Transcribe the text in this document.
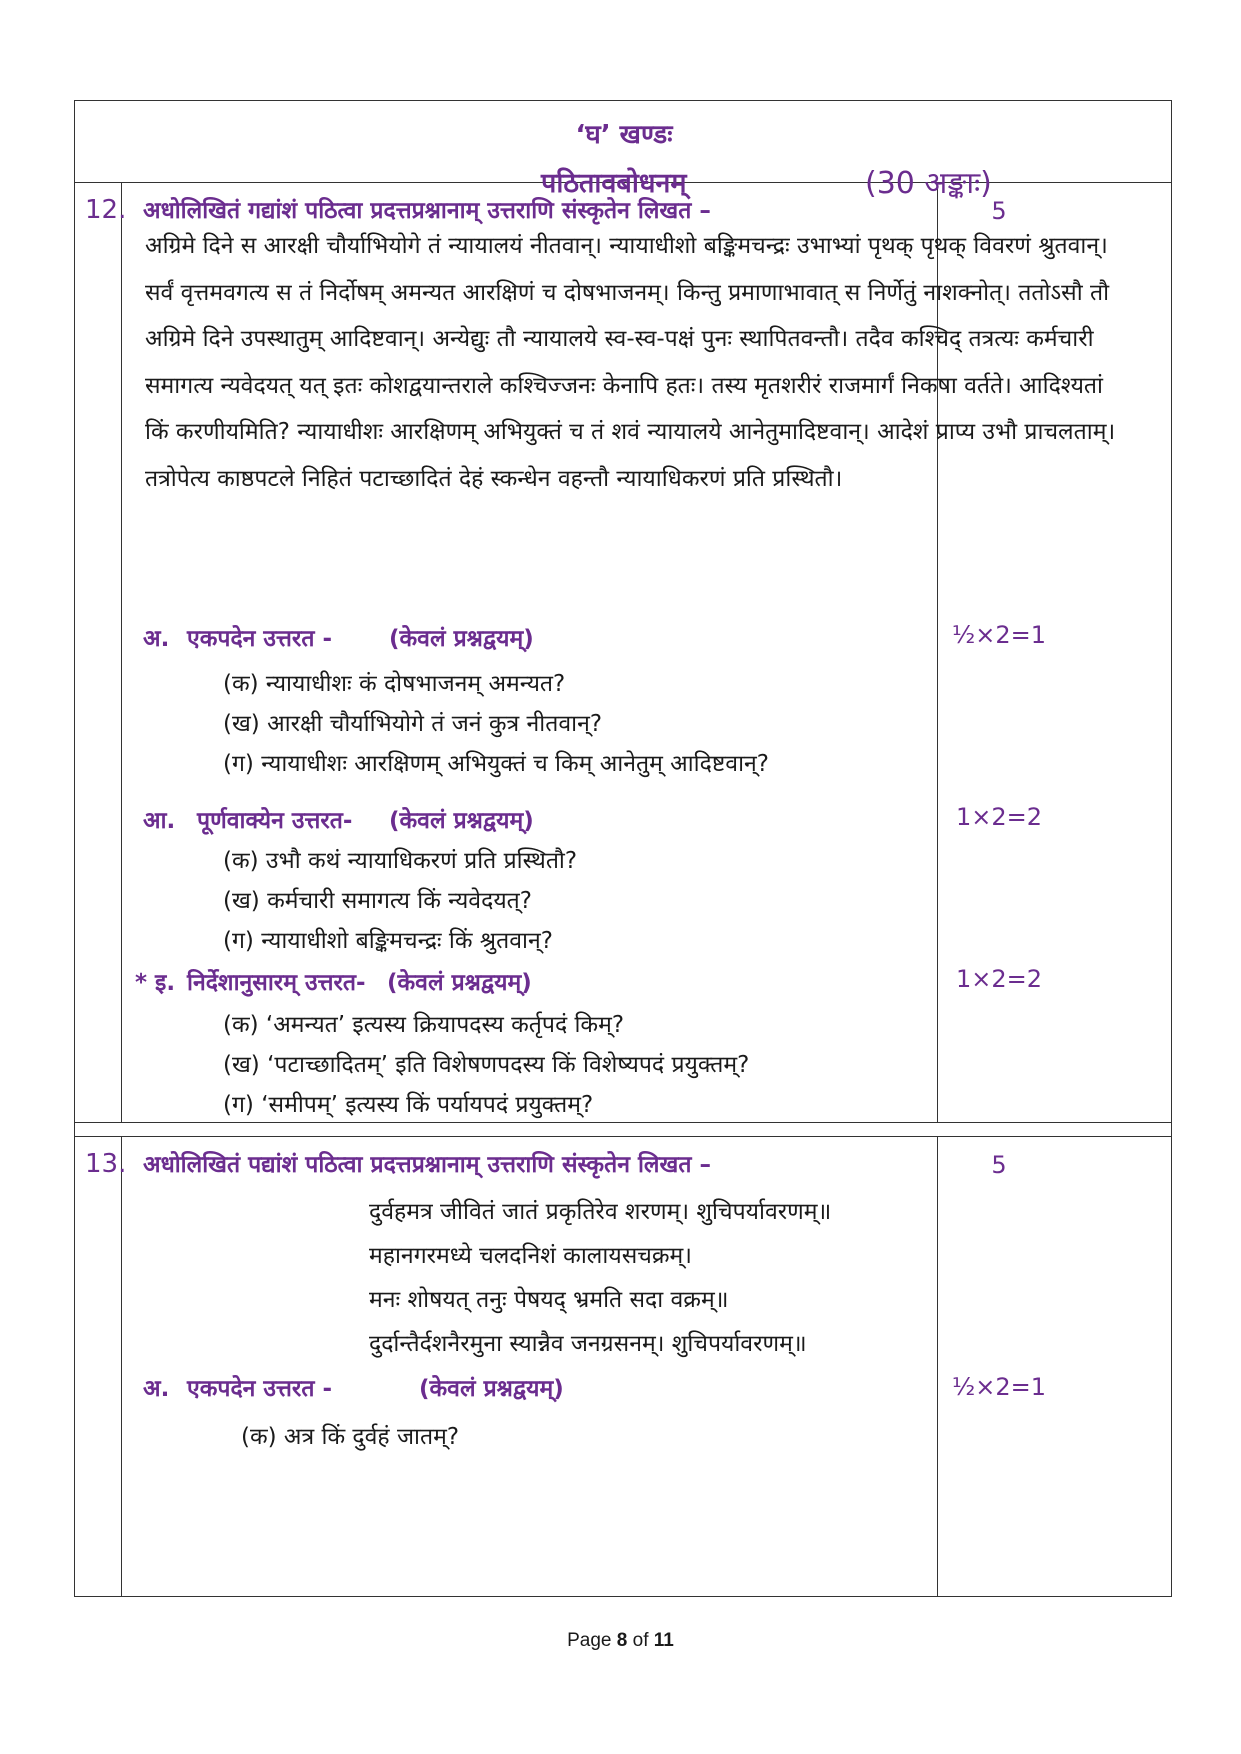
‘घ’ खण्डः
पठितावबोधनम्	(30 अङ्काः)
12. अधोलिखितं गद्यांशं पठित्वा प्रदत्तप्रश्नानाम् उत्तराणि संस्कृतेन लिखत –	5
अग्रिमे दिने स आरक्षी चौर्याभियोगे तं न्यायालयं नीतवान्। न्यायाधीशो बङ्किमचन्द्रः उभाभ्यां पृथक् पृथक् विवरणं श्रुतवान्। सर्वं वृत्तमवगत्य स तं निर्दोषम् अमन्यत आरक्षिणं च दोषभाजनम्। किन्तु प्रमाणाभावात् स निर्णेतुं नाशक्नोत्। ततोऽसौ तौ अग्रिमे दिने उपस्थातुम् आदिष्टवान्। अन्येद्युः तौ न्यायालये स्व-स्व-पक्षं पुनः स्थापितवन्तौ। तदैव कश्चिद् तत्रत्यः कर्मचारी समागत्य न्यवेदयत् यत् इतः कोशद्वयान्तराले कश्चिज्जनः केनापि हतः। तस्य मृतशरीरं राजमार्गं निकषा वर्तते। आदिश्यतां किं करणीयमिति? न्यायाधीशः आरक्षिणम् अभियुक्तं च तं शवं न्यायालये आनेतुमादिष्टवान्। आदेशं प्राप्य उभौ प्राचलताम्। तत्रोपेत्य काष्ठपटले निहितं पटाच्छादितं देहं स्कन्धेन वहन्तौ न्यायाधिकरणं प्रति प्रस्थितौ।
अ. एकपदेन उत्तरत - (केवलं प्रश्नद्वयम्)	½×2=1
(क) न्यायाधीशः कं दोषभाजनम् अमन्यत?
(ख) आरक्षी चौर्याभियोगे तं जनं कुत्र नीतवान्?
(ग) न्यायाधीशः आरक्षिणम् अभियुक्तं च किम् आनेतुम् आदिष्टवान्?
आ. पूर्णवाक्येन उत्तरत- (केवलं प्रश्नद्वयम्)	1×2=2
(क) उभौ कथं न्यायाधिकरणं प्रति प्रस्थितौ?
(ख) कर्मचारी समागत्य किं न्यवेदयत्?
(ग) न्यायाधीशो बङ्किमचन्द्रः किं श्रुतवान्?
* इ. निर्देशानुसारम् उत्तरत- (केवलं प्रश्नद्वयम्)	1×2=2
(क) ‘अमन्यत’ इत्यस्य क्रियापदस्य कर्तृपदं किम्?
(ख) ‘पटाच्छादितम्’ इति विशेषणपदस्य किं विशेष्यपदं प्रयुक्तम्?
(ग) ‘समीपम्’ इत्यस्य किं पर्यायपदं प्रयुक्तम्?
13. अधोलिखितं पद्यांशं पठित्वा प्रदत्तप्रश्नानाम् उत्तराणि संस्कृतेन लिखत –	5
दुर्वहमत्र जीवितं जातं प्रकृतिरेव शरणम्। शुचिपर्यावरणम्॥
महानगरमध्ये चलदनिशं कालायसचक्रम्।
मनः शोषयत् तनुः पेषयद् भ्रमति सदा वक्रम्॥
दुर्दान्तैर्दशनैरमुना स्यान्नैव जनग्रसनम्। शुचिपर्यावरणम्॥
अ. एकपदेन उत्तरत -	(केवलं प्रश्नद्वयम्)	½×2=1
(क) अत्र किं दुर्वहं जातम्?
Page 8 of 11
